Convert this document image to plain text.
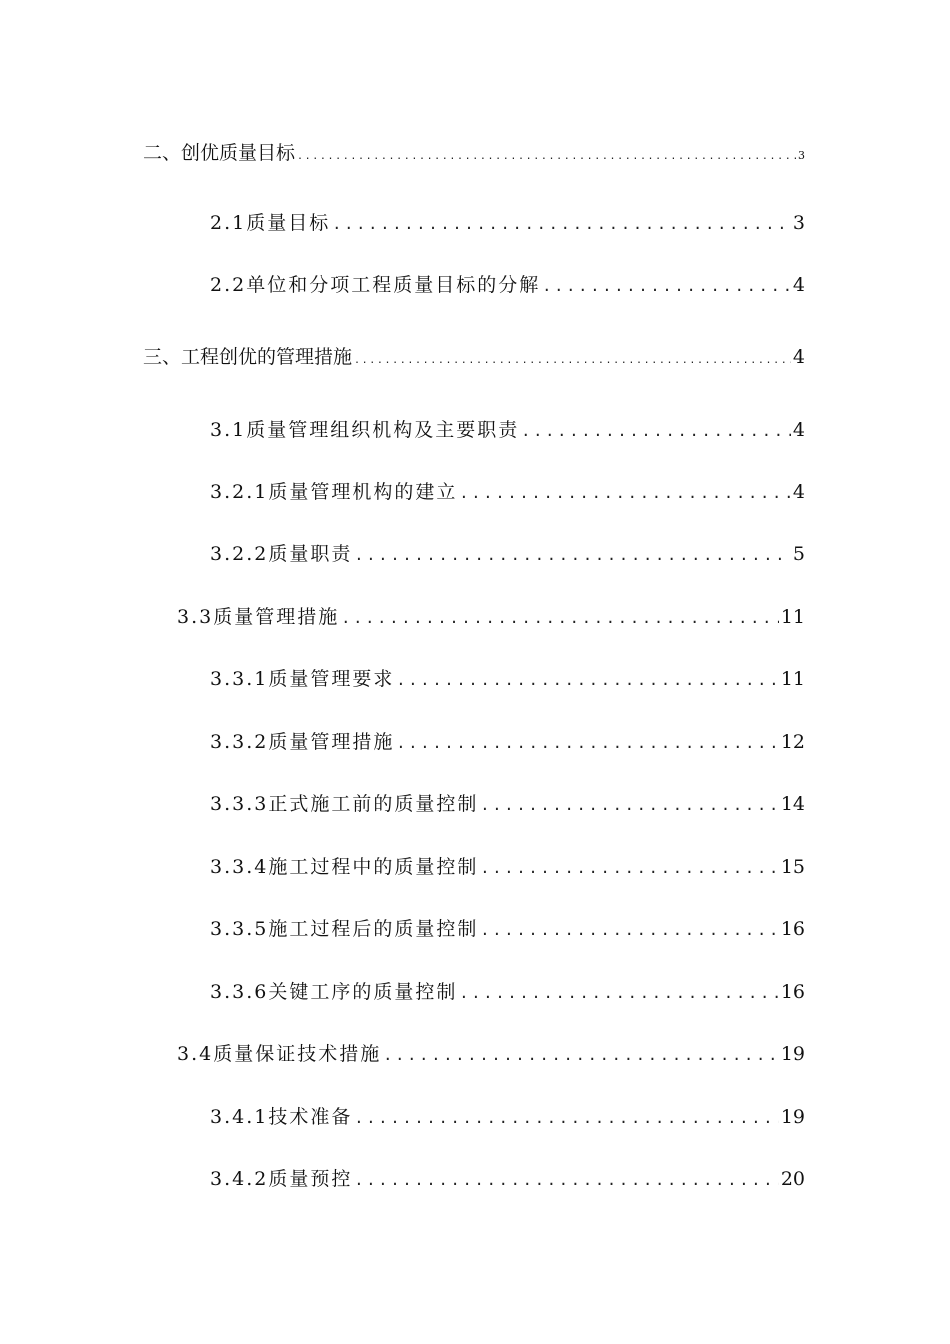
二、创优质量目标 .....	3
2.1质量目标 .....	3
2.2单位和分项工程质量目标的分解 .....	4
三、工程创优的管理措施 .....	4
3.1质量管理组织机构及主要职责 .....	4
3.2.1质量管理机构的建立 .....	4
3.2.2质量职责 .....	5
3.3质量管理措施 .....	11
3.3.1质量管理要求 .....	11
3.3.2质量管理措施 .....	12
3.3.3正式施工前的质量控制 .....	14
3.3.4施工过程中的质量控制 .....	15
3.3.5施工过程后的质量控制 .....	16
3.3.6关键工序的质量控制 .....	16
3.4质量保证技术措施 .....	19
3.4.1技术准备 .....	19
3.4.2质量预控 .....	20
